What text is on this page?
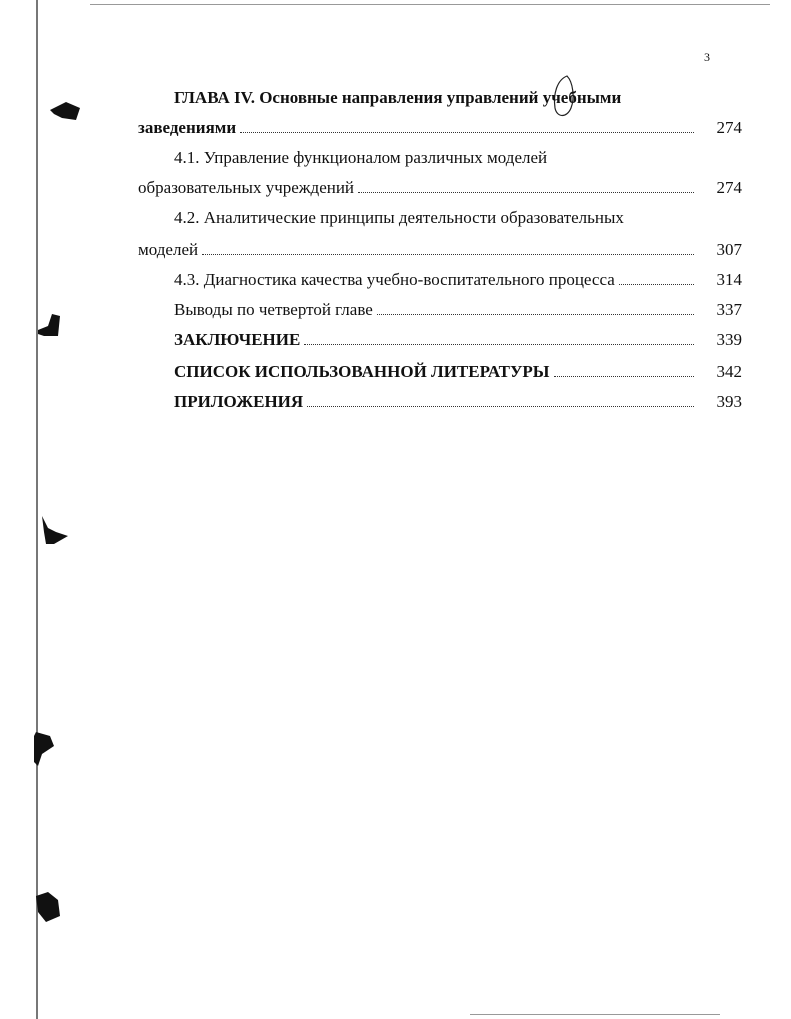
3
ГЛАВА IV. Основные направления управлений учебными
заведениями	274
4.1. Управление функционалом различных моделей
образовательных учреждений	274
4.2. Аналитические принципы деятельности образовательных
моделей	307
4.3. Диагностика качества учебно-воспитательного процесса	314
Выводы по четвертой главе	337
ЗАКЛЮЧЕНИЕ	339
СПИСОК ИСПОЛЬЗОВАННОЙ ЛИТЕРАТУРЫ	342
ПРИЛОЖЕНИЯ	393
